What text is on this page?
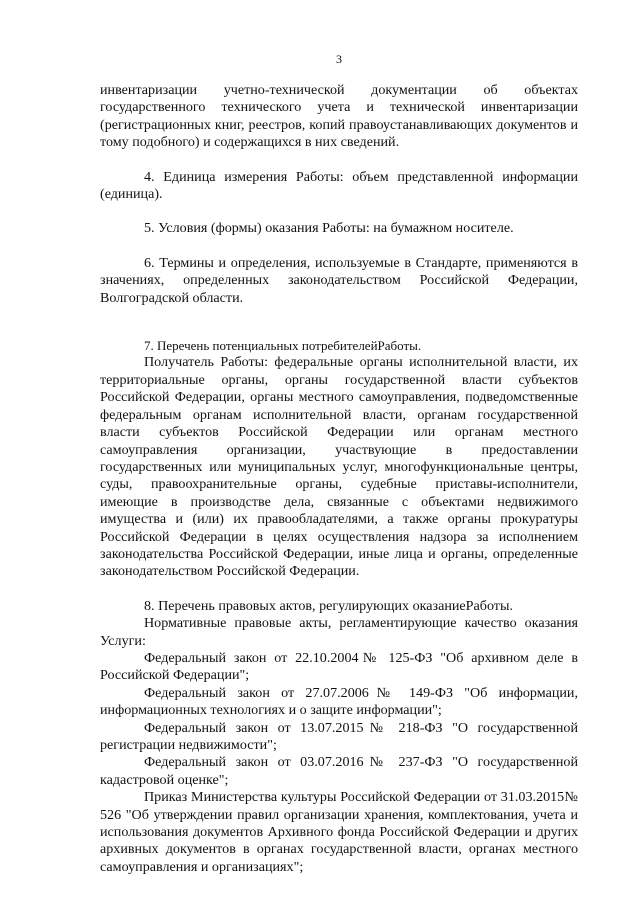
3

инвентаризации учетно-технической документации об объектах государственного технического учета и технической инвентаризации (регистрационных книг, реестров, копий правоустанавливающих документов и тому подобного) и содержащихся в них сведений.

4. Единица измерения Работы: объем представленной информации (единица).

5. Условия (формы) оказания Работы: на бумажном носителе.

6. Термины и определения, используемые в Стандарте, применяются в значениях, определенных законодательством Российской Федерации, Волгоградской области.

7. Перечень потенциальных потребителейРаботы.

Получатель Работы: федеральные органы исполнительной власти, их территориальные органы, органы государственной власти субъектов Российской Федерации, органы местного самоуправления, подведомственные федеральным органам исполнительной власти, органам государственной власти субъектов Российской Федерации или органам местного самоуправления организации, участвующие в предоставлении государственных или муниципальных услуг, многофункциональные центры, суды, правоохранительные органы, судебные приставы-исполнители, имеющие в производстве дела, связанные с объектами недвижимого имущества и (или) их правообладателями, а также органы прокуратуры Российской Федерации в целях осуществления надзора за исполнением законодательства Российской Федерации, иные лица и органы, определенные законодательством Российской Федерации.

8. Перечень правовых актов, регулирующих оказаниеРаботы.

Нормативные правовые акты, регламентирующие качество оказания Услуги:

Федеральный закон от 22.10.2004№ 125-ФЗ "Об архивном деле в Российской Федерации";

Федеральный закон от 27.07.2006№ 149-ФЗ "Об информации, информационных технологиях и о защите информации";

Федеральный закон от 13.07.2015№ 218-ФЗ "О государственной регистрации недвижимости";

Федеральный закон от 03.07.2016№ 237-ФЗ "О государственной кадастровой оценке";

Приказ Министерства культуры Российской Федерации от 31.03.2015№ 526 "Об утверждении правил организации хранения, комплектования, учета и использования документов Архивного фонда Российской Федерации и других архивных документов в органах государственной власти, органах местного самоуправления и организациях";
